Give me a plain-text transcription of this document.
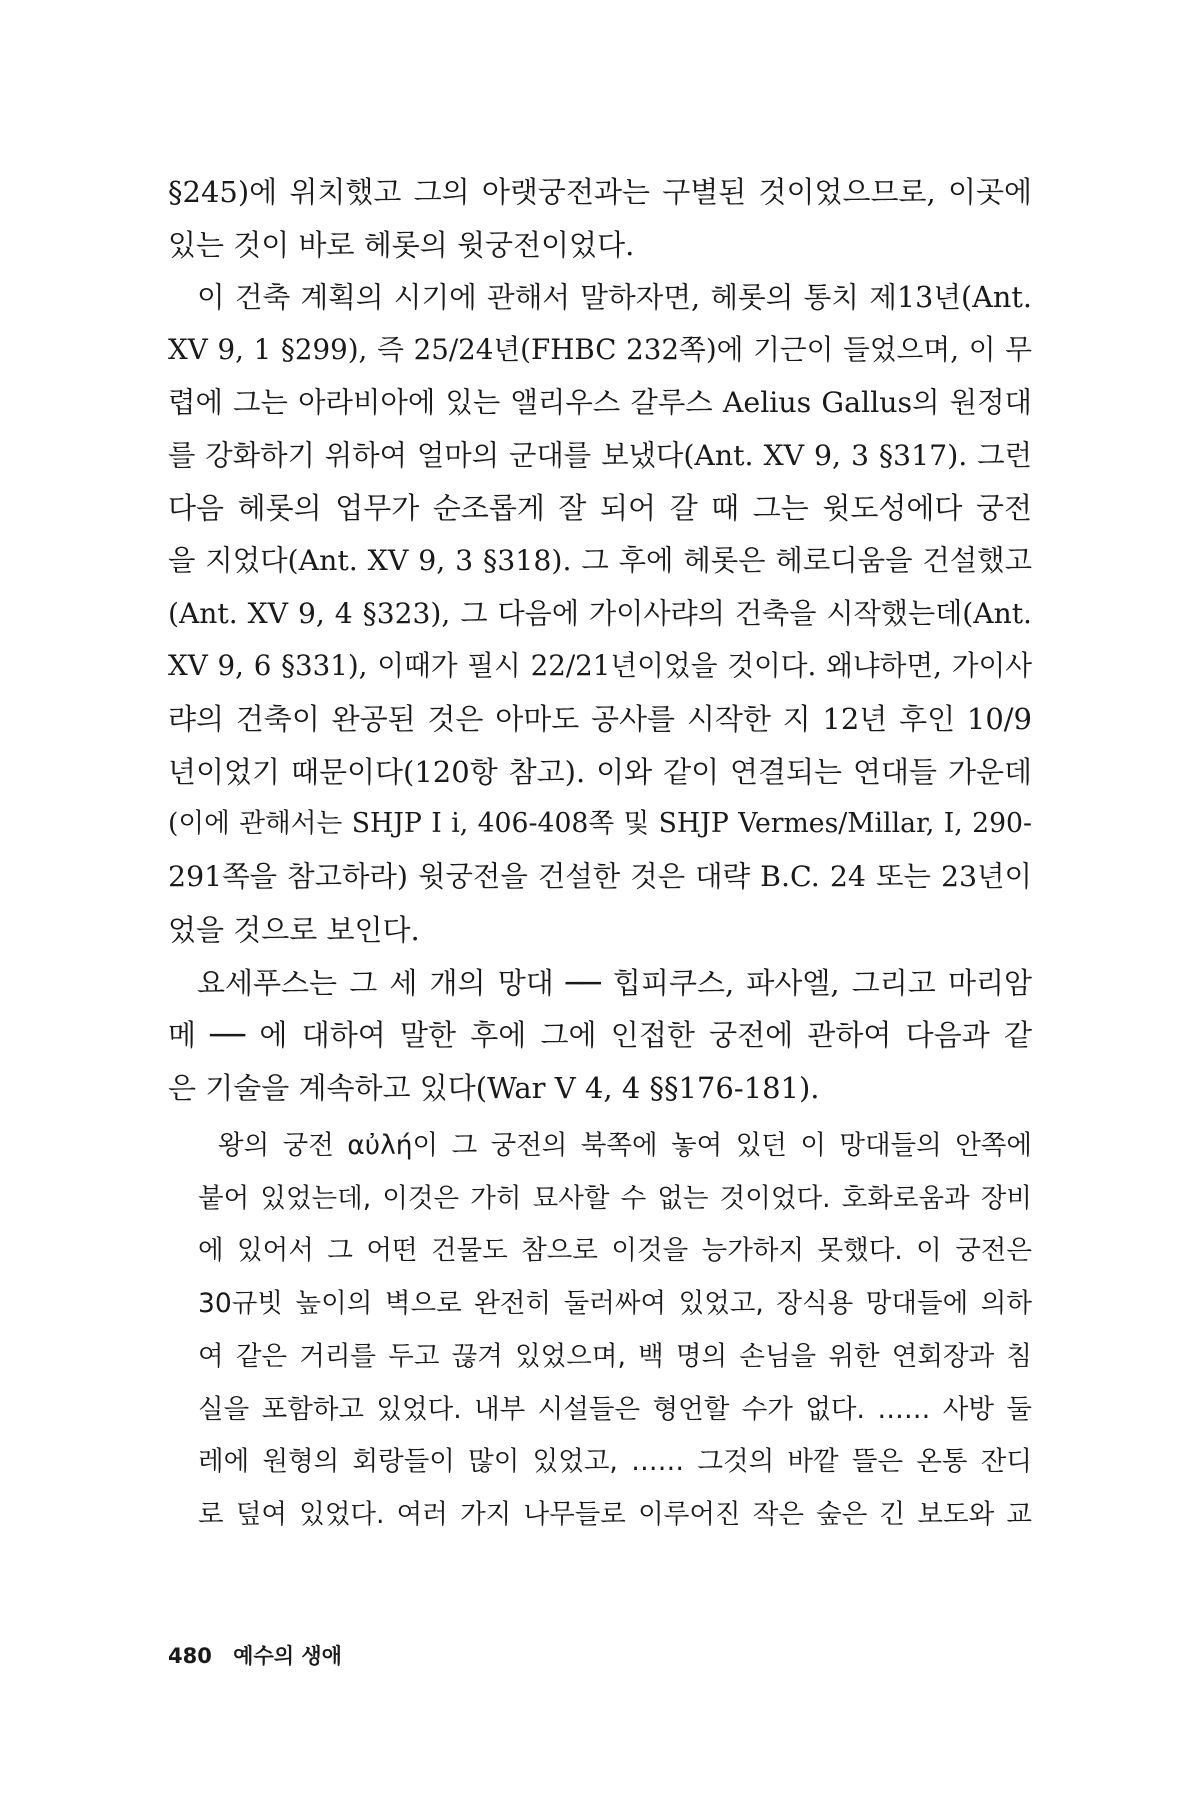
§245)에 위치했고 그의 아랫궁전과는 구별된 것이었으므로, 이곳에
있는 것이 바로 헤롯의 윗궁전이었다.

이 건축 계획의 시기에 관해서 말하자면, 헤롯의 통치 제13년(Ant.
XV 9, 1 §299), 즉 25/24년(FHBC 232쪽)에 기근이 들었으며, 이 무
렵에 그는 아라비아에 있는 앨리우스 갈루스 Aelius Gallus의 원정대
를 강화하기 위하여 얼마의 군대를 보냈다(Ant. XV 9, 3 §317). 그런
다음 헤롯의 업무가 순조롭게 잘 되어 갈 때 그는 윗도성에다 궁전
을 지었다(Ant. XV 9, 3 §318). 그 후에 헤롯은 헤로디움을 건설했고
(Ant. XV 9, 4 §323), 그 다음에 가이사랴의 건축을 시작했는데(Ant.
XV 9, 6 §331), 이때가 필시 22/21년이었을 것이다. 왜냐하면, 가이사
랴의 건축이 완공된 것은 아마도 공사를 시작한 지 12년 후인 10/9
년이었기 때문이다(120항 참고). 이와 같이 연결되는 연대들 가운데
(이에 관해서는 SHJP I i, 406-408쪽 및 SHJP Vermes/Millar, I, 290-
291쪽을 참고하라) 윗궁전을 건설한 것은 대략 B.C. 24 또는 23년이
었을 것으로 보인다.

요세푸스는 그 세 개의 망대 ── 힙피쿠스, 파사엘, 그리고 마리암
메 ── 에 대하여 말한 후에 그에 인접한 궁전에 관하여 다음과 같
은 기술을 계속하고 있다(War V 4, 4 §§176-181).

왕의 궁전 αὐλή이 그 궁전의 북쪽에 놓여 있던 이 망대들의 안쪽에
붙어 있었는데, 이것은 가히 묘사할 수 없는 것이었다. 호화로움과 장비
에 있어서 그 어떤 건물도 참으로 이것을 능가하지 못했다. 이 궁전은
30규빗 높이의 벽으로 완전히 둘러싸여 있었고, 장식용 망대들에 의하
여 같은 거리를 두고 끊겨 있었으며, 백 명의 손님을 위한 연회장과 침
실을 포함하고 있었다. 내부 시설들은 형언할 수가 없다. …… 사방 둘
레에 원형의 회랑들이 많이 있었고, …… 그것의 바깥 뜰은 온통 잔디
로 덮여 있었다. 여러 가지 나무들로 이루어진 작은 숲은 긴 보도와 교
480 예수의 생애
